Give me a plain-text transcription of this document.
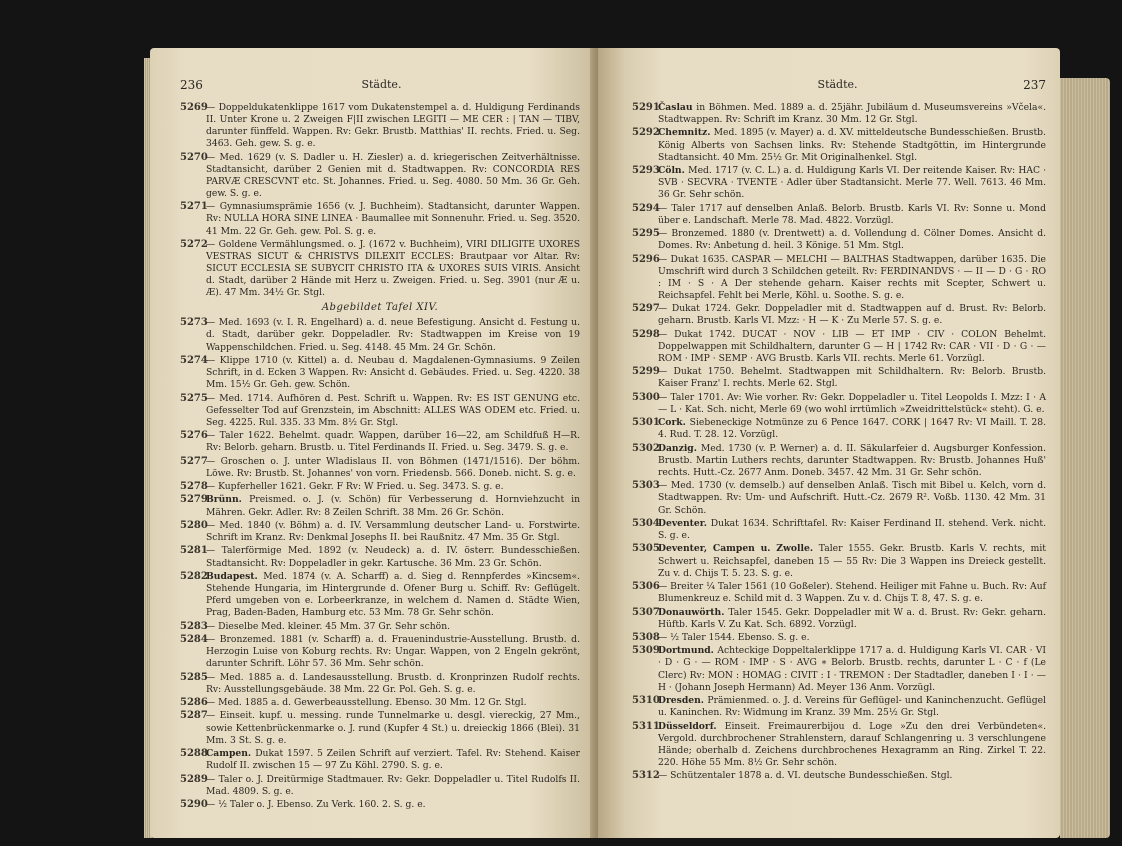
236	Städte.
5269
— Doppeldukatenklippe 1617 vom Dukatenstempel a. d. Huldigung Ferdinands II. Unter Krone u. 2 Zweigen F|II zwischen LEGITI — ME CER : | TAN — TIBV, darunter fünffeld. Wappen. Rv: Gekr. Brustb. Matthias' II. rechts. Fried. u. Seg. 3463. Geh. gew. S. g. e.
5270
— Med. 1629 (v. S. Dadler u. H. Ziesler) a. d. kriegerischen Zeitverhältnisse. Stadtansicht, darüber 2 Genien mit d. Stadtwappen. Rv: CONCORDIA RES PARVÆ CRESCVNT etc. St. Johannes. Fried. u. Seg. 4080. 50 Mm. 36 Gr. Geh. gew. S. g. e.
5271
— Gymnasiumsprämie 1656 (v. J. Buchheim). Stadtansicht, darunter Wappen. Rv: NULLA HORA SINE LINEA · Baumallee mit Sonnenuhr. Fried. u. Seg. 3520. 41 Mm. 22 Gr. Geh. gew. Pol. S. g. e.
5272
— Goldene Vermählungsmed. o. J. (1672 v. Buchheim), VIRI DILIGITE UXORES VESTRAS SICUT & CHRISTVS DILEXIT ECCLES: Brautpaar vor Altar. Rv: SICUT ECCLESIA SE SUBYCIT CHRISTO ITA & UXORES SUIS VIRIS. Ansicht d. Stadt, darüber 2 Hände mit Herz u. Zweigen. Fried. u. Seg. 3901 (nur Æ u. Æ). 47 Mm. 34½ Gr. Stgl.
Abgebildet Tafel XIV.
5273
— Med. 1693 (v. I. R. Engelhard) a. d. neue Befestigung. Ansicht d. Festung u. d. Stadt, darüber gekr. Doppeladler. Rv: Stadtwappen im Kreise von 19 Wappenschildchen. Fried. u. Seg. 4148. 45 Mm. 24 Gr. Schön.
5274
— Klippe 1710 (v. Kittel) a. d. Neubau d. Magdalenen-Gymnasiums. 9 Zeilen Schrift, in d. Ecken 3 Wappen. Rv: Ansicht d. Gebäudes. Fried. u. Seg. 4220. 38 Mm. 15½ Gr. Geh. gew. Schön.
5275
— Med. 1714. Aufhören d. Pest. Schrift u. Wappen. Rv: ES IST GENUNG etc. Gefesselter Tod auf Grenzstein, im Abschnitt: ALLES WAS ODEM etc. Fried. u. Seg. 4225. Rul. 335. 33 Mm. 8½ Gr. Stgl.
5276
— Taler 1622. Behelmt. quadr. Wappen, darüber 16—22, am Schildfuß H—R. Rv: Belorb. geharn. Brustb. u. Titel Ferdinands II. Fried. u. Seg. 3479. S. g. e.
5277
— Groschen o. J. unter Wladislaus II. von Böhmen (1471/1516). Der böhm. Löwe. Rv: Brustb. St. Johannes' von vorn. Friedensb. 566. Doneb. nicht. S. g. e.
5278
— Kupferheller 1621. Gekr. F Rv: W Fried. u. Seg. 3473. S. g. e.
5279
Brünn. Preismed. o. J. (v. Schön) für Verbesserung d. Hornviehzucht in Mähren. Gekr. Adler. Rv: 8 Zeilen Schrift. 38 Mm. 26 Gr. Schön.
5280
— Med. 1840 (v. Böhm) a. d. IV. Versammlung deutscher Land- u. Forstwirte. Schrift im Kranz. Rv: Denkmal Josephs II. bei Raußnitz. 47 Mm. 35 Gr. Stgl.
5281
— Talerförmige Med. 1892 (v. Neudeck) a. d. IV. österr. Bundesschießen. Stadtansicht. Rv: Doppeladler in gekr. Kartusche. 36 Mm. 23 Gr. Schön.
5282
Budapest. Med. 1874 (v. A. Scharff) a. d. Sieg d. Rennpferdes »Kincsem«. Stehende Hungaria, im Hintergrunde d. Ofener Burg u. Schiff. Rv: Geflügelt. Pferd umgeben von e. Lorbeerkranze, in welchem d. Namen d. Städte Wien, Prag, Baden-Baden, Hamburg etc. 53 Mm. 78 Gr. Sehr schön.
5283
— Dieselbe Med. kleiner. 45 Mm. 37 Gr. Sehr schön.
5284
— Bronzemed. 1881 (v. Scharff) a. d. Frauenindustrie-Ausstellung. Brustb. d. Herzogin Luise von Koburg rechts. Rv: Ungar. Wappen, von 2 Engeln gekrönt, darunter Schrift. Löhr 57. 36 Mm. Sehr schön.
5285
— Med. 1885 a. d. Landesausstellung. Brustb. d. Kronprinzen Rudolf rechts. Rv: Ausstellungsgebäude. 38 Mm. 22 Gr. Pol. Geh. S. g. e.
5286
— Med. 1885 a. d. Gewerbeausstellung. Ebenso. 30 Mm. 12 Gr. Stgl.
5287
— Einseit. kupf. u. messing. runde Tunnelmarke u. desgl. viereckig, 27 Mm., sowie Kettenbrückenmarke o. J. rund (Kupfer 4 St.) u. dreieckig 1866 (Blei). 31 Mm. 3 St. S. g. e.
5288
Campen. Dukat 1597. 5 Zeilen Schrift auf verziert. Tafel. Rv: Stehend. Kaiser Rudolf II. zwischen 15 — 97 Zu Köhl. 2790. S. g. e.
5289
— Taler o. J. Dreitürmige Stadtmauer. Rv: Gekr. Doppeladler u. Titel Rudolfs II. Mad. 4809. S. g. e.
5290
— ½ Taler o. J. Ebenso. Zu Verk. 160. 2. S. g. e.
Städte.	237
5291
Časlau in Böhmen. Med. 1889 a. d. 25jähr. Jubiläum d. Museumsvereins »Včela«. Stadtwappen. Rv: Schrift im Kranz. 30 Mm. 12 Gr. Stgl.
5292
Chemnitz. Med. 1895 (v. Mayer) a. d. XV. mitteldeutsche Bundesschießen. Brustb. König Alberts von Sachsen links. Rv: Stehende Stadtgöttin, im Hintergrunde Stadtansicht. 40 Mm. 25½ Gr. Mit Originalhenkel. Stgl.
5293
Cöln. Med. 1717 (v. C. L.) a. d. Huldigung Karls VI. Der reitende Kaiser. Rv: HAC · SVB · SECVRA · TVENTE · Adler über Stadtansicht. Merle 77. Well. 7613. 46 Mm. 36 Gr. Sehr schön.
5294
— Taler 1717 auf denselben Anlaß. Belorb. Brustb. Karls VI. Rv: Sonne u. Mond über e. Landschaft. Merle 78. Mad. 4822. Vorzügl.
5295
— Bronzemed. 1880 (v. Drentwett) a. d. Vollendung d. Cölner Domes. Ansicht d. Domes. Rv: Anbetung d. heil. 3 Könige. 51 Mm. Stgl.
5296
— Dukat 1635. CASPAR — MELCHI — BALTHAS Stadtwappen, darüber 1635. Die Umschrift wird durch 3 Schildchen geteilt. Rv: FERDINANDVS · — II — D · G · RO : IM · S · A Der stehende geharn. Kaiser rechts mit Scepter, Schwert u. Reichsapfel. Fehlt bei Merle, Köhl. u. Soothe. S. g. e.
5297
— Dukat 1724. Gekr. Doppeladler mit d. Stadtwappen auf d. Brust. Rv: Belorb. geharn. Brustb. Karls VI. Mzz: · H — K · Zu Merle 57. S. g. e.
5298
— Dukat 1742. DUCAT · NOV · LIB — ET IMP · CIV · COLON Behelmt. Doppelwappen mit Schildhaltern, darunter G — H | 1742 Rv: CAR · VII · D · G · — ROM · IMP · SEMP · AVG Brustb. Karls VII. rechts. Merle 61. Vorzügl.
5299
— Dukat 1750. Behelmt. Stadtwappen mit Schildhaltern. Rv: Belorb. Brustb. Kaiser Franz' I. rechts. Merle 62. Stgl.
5300
— Taler 1701. Av: Wie vorher. Rv: Gekr. Doppeladler u. Titel Leopolds I. Mzz: I · A — L · Kat. Sch. nicht, Merle 69 (wo wohl irrtümlich »Zweidrittelstück« steht). G. e.
5301
Cork. Siebeneckige Notmünze zu 6 Pence 1647. CORK | 1647 Rv: VI Maill. T. 28. 4. Rud. T. 28. 12. Vorzügl.
5302
Danzig. Med. 1730 (v. P. Werner) a. d. II. Säkularfeier d. Augsburger Konfession. Brustb. Martin Luthers rechts, darunter Stadtwappen. Rv: Brustb. Johannes Huß' rechts. Hutt.-Cz. 2677 Anm. Doneb. 3457. 42 Mm. 31 Gr. Sehr schön.
5303
— Med. 1730 (v. demselb.) auf denselben Anlaß. Tisch mit Bibel u. Kelch, vorn d. Stadtwappen. Rv: Um- und Aufschrift. Hutt.-Cz. 2679 R². Voßb. 1130. 42 Mm. 31 Gr. Schön.
5304
Deventer. Dukat 1634. Schrifttafel. Rv: Kaiser Ferdinand II. stehend. Verk. nicht. S. g. e.
5305
Deventer, Campen u. Zwolle. Taler 1555. Gekr. Brustb. Karls V. rechts, mit Schwert u. Reichsapfel, daneben 15 — 55 Rv: Die 3 Wappen ins Dreieck gestellt. Zu v. d. Chijs T. 5. 23. S. g. e.
5306
— Breiter ¼ Taler 1561 (10 Goßeler). Stehend. Heiliger mit Fahne u. Buch. Rv: Auf Blumenkreuz e. Schild mit d. 3 Wappen. Zu v. d. Chijs T. 8, 47. S. g. e.
5307
Donauwörth. Taler 1545. Gekr. Doppeladler mit W a. d. Brust. Rv: Gekr. geharn. Hüftb. Karls V. Zu Kat. Sch. 6892. Vorzügl.
5308
— ½ Taler 1544. Ebenso. S. g. e.
5309
Dortmund. Achteckige Doppeltalerklippe 1717 a. d. Huldigung Karls VI. CAR · VI · D · G · — ROM · IMP · S · AVG ∗ Belorb. Brustb. rechts, darunter L · C · f (Le Clerc) Rv: MON : HOMAG : CIVIT : I · TREMON : Der Stadtadler, daneben I · I · — H · (Johann Joseph Hermann) Ad. Meyer 136 Anm. Vorzügl.
5310
Dresden. Prämienmed. o. J. d. Vereins für Geflügel- und Kaninchenzucht. Geflügel u. Kaninchen. Rv: Widmung im Kranz. 39 Mm. 25½ Gr. Stgl.
5311
Düsseldorf. Einseit. Freimaurerbijou d. Loge »Zu den drei Verbündeten«. Vergold. durchbrochener Strahlenstern, darauf Schlangenring u. 3 verschlungene Hände; oberhalb d. Zeichens durchbrochenes Hexagramm an Ring. Zirkel T. 22. 220. Höhe 55 Mm. 8½ Gr. Sehr schön.
5312
— Schützentaler 1878 a. d. VI. deutsche Bundesschießen. Stgl.
